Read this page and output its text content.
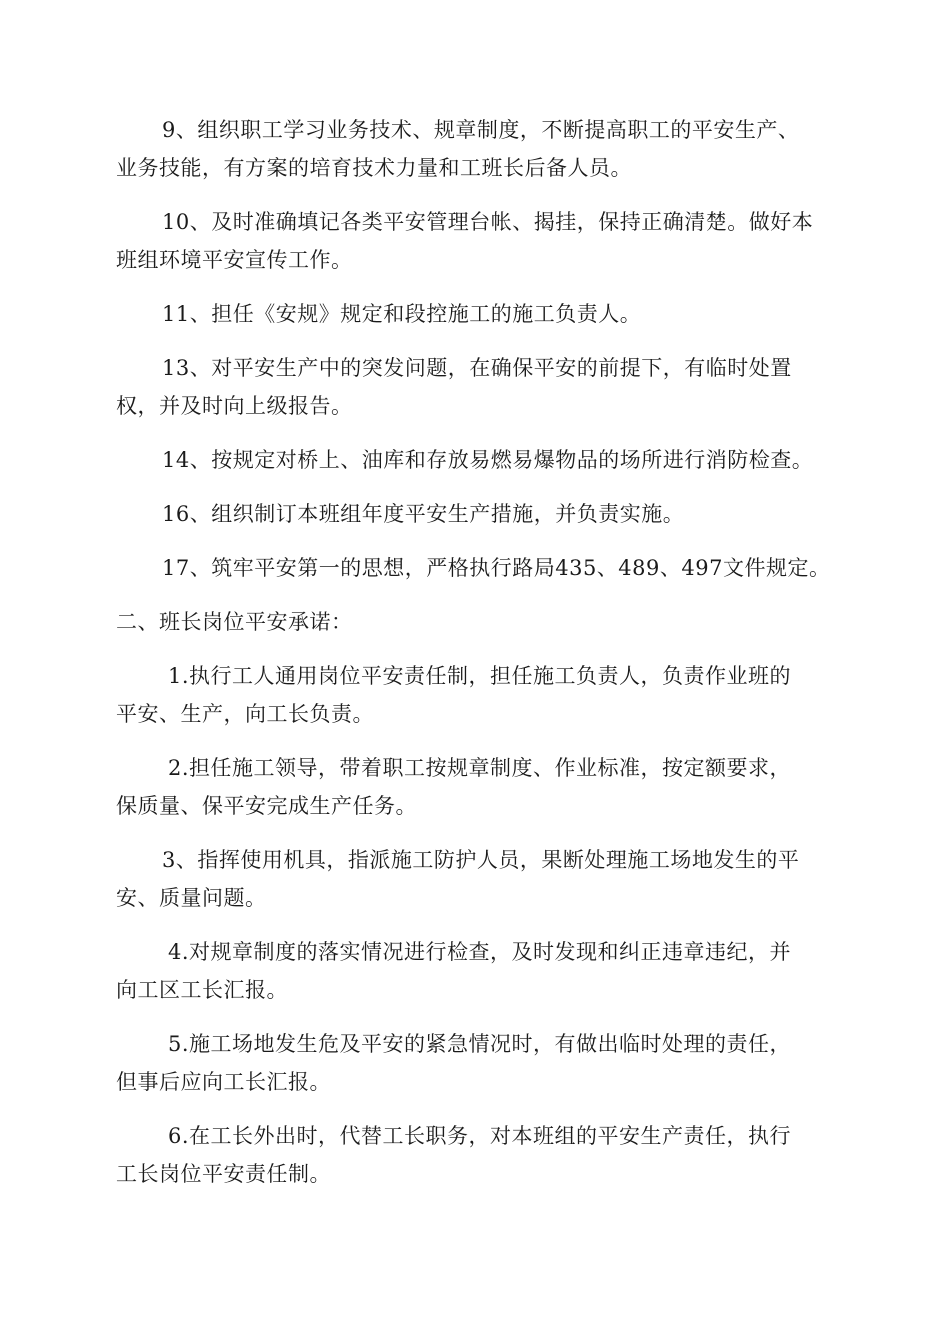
9、组织职工学习业务技术、规章制度，不断提高职工的平安生产、
业务技能，有方案的培育技术力量和工班长后备人员。

10、及时准确填记各类平安管理台帐、揭挂，保持正确清楚。做好本
班组环境平安宣传工作。

11、担任《安规》规定和段控施工的施工负责人。

13、对平安生产中的突发问题，在确保平安的前提下，有临时处置
权，并及时向上级报告。

14、按规定对桥上、油库和存放易燃易爆物品的场所进行消防检查。

16、组织制订本班组年度平安生产措施，并负责实施。

17、筑牢平安第一的思想，严格执行路局435、489、497文件规定。

二、班长岗位平安承诺：

1.执行工人通用岗位平安责任制，担任施工负责人，负责作业班的
平安、生产，向工长负责。

2.担任施工领导，带着职工按规章制度、作业标准，按定额要求，
保质量、保平安完成生产任务。

3、指挥使用机具，指派施工防护人员，果断处理施工场地发生的平
安、质量问题。

4.对规章制度的落实情况进行检查，及时发现和纠正违章违纪，并
向工区工长汇报。

5.施工场地发生危及平安的紧急情况时，有做出临时处理的责任，
但事后应向工长汇报。

6.在工长外出时，代替工长职务，对本班组的平安生产责任，执行
工长岗位平安责任制。
